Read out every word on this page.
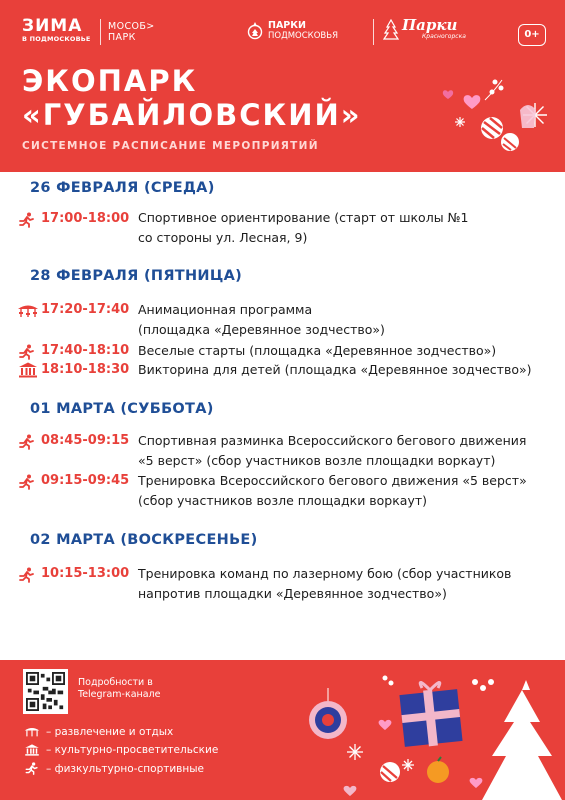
ЗИМА
В ПОДМОСКОВЬЕ
МОСОБ>
ПАРК
ПАРКИ
ПОДМОСКОВЬЯ
Парки
Красногорска	0+
ЭКОПАРК
«ГУБАЙЛОВСКИЙ»
СИСТЕМНОЕ РАСПИСАНИЕ МЕРОПРИЯТИЙ
26 ФЕВРАЛЯ (СРЕДА)
17:00-18:00 Спортивное ориентирование (старт от школы №1
со стороны ул. Лесная, 9)
28 ФЕВРАЛЯ (ПЯТНИЦА)
17:20-17:40 Анимационная программа
(площадка «Деревянное зодчество»)
17:40-18:10 Веселые старты (площадка «Деревянное зодчество»)
18:10-18:30 Викторина для детей (площадка «Деревянное зодчество»)
01 МАРТА (СУББОТА)
08:45-09:15 Спортивная разминка Всероссийского бегового движения
«5 верст» (сбор участников возле площадки воркаут)
09:15-09:45 Тренировка Всероссийского бегового движения «5 верст»
(сбор участников возле площадки воркаут)
02 МАРТА (ВОСКРЕСЕНЬЕ)
10:15-13:00 Тренировка команд по лазерному бою (сбор участников
напротив площадки «Деревянное зодчество»)
Подробности в
Telegram-канале
– развлечение и отдых
– культурно-просветительские
– физкультурно-спортивные
